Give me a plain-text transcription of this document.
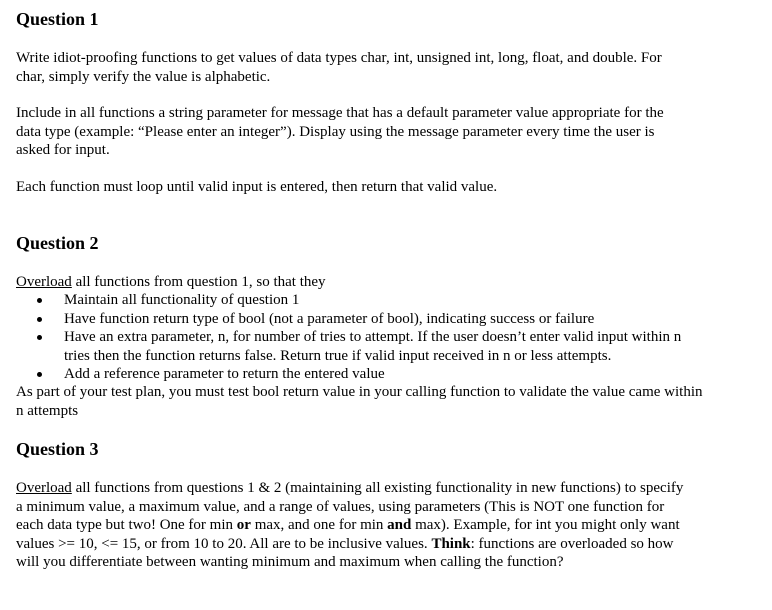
Question 1

Write idiot-proofing functions to get values of data types char, int, unsigned int, long, float, and double. For
char, simply verify the value is alphabetic.

Include in all functions a string parameter for message that has a default parameter value appropriate for the
data type (example: “Please enter an integer”). Display using the message parameter every time the user is
asked for input.

Each function must loop until valid input is entered, then return that valid value.

Question 2

Overload all functions from question 1, so that they

Maintain all functionality of question 1
Have function return type of bool (not a parameter of bool), indicating success or failure
Have an extra parameter, n, for number of tries to attempt. If the user doesn’t enter valid input within n
tries then the function returns false. Return true if valid input received in n or less attempts.
Add a reference parameter to return the entered value

As part of your test plan, you must test bool return value in your calling function to validate the value came within
n attempts

Question 3

Overload all functions from questions 1 & 2 (maintaining all existing functionality in new functions) to specify
a minimum value, a maximum value, and a range of values, using parameters (This is NOT one function for
each data type but two! One for min or max, and one for min and max). Example, for int you might only want
values >= 10, <= 15, or from 10 to 20. All are to be inclusive values. Think: functions are overloaded so how
will you differentiate between wanting minimum and maximum when calling the function?
